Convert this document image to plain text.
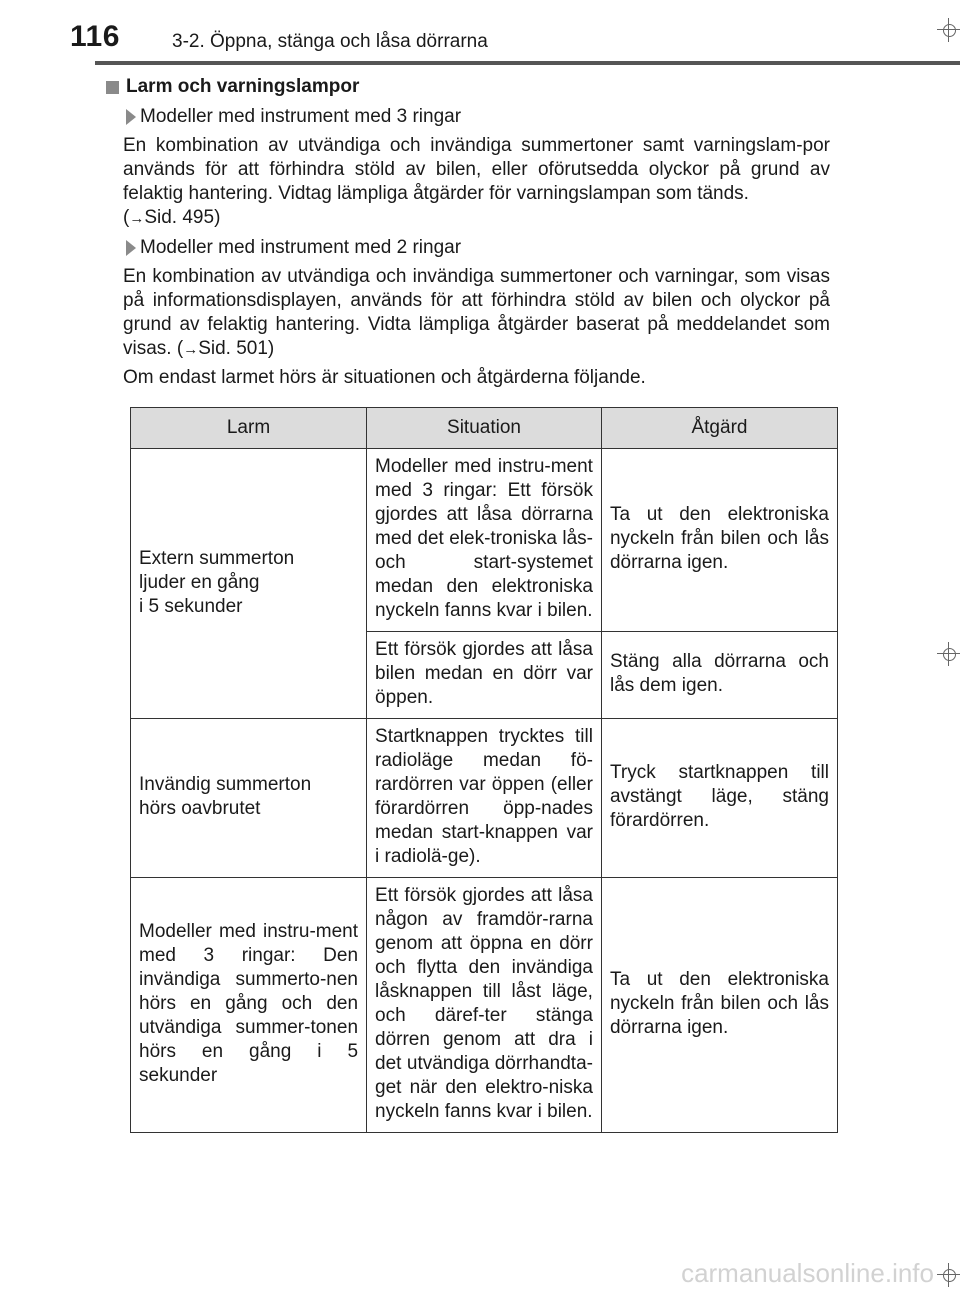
116	3-2. Öppna, stänga och låsa dörrarna
Larm och varningslampor
Modeller med instrument med 3 ringar
En kombination av utvändiga och invändiga summertoner samt varningslam-por används för att förhindra stöld av bilen, eller oförutsedda olyckor på grund av felaktig hantering. Vidtag lämpliga åtgärder för varningslampan som tänds.
(→Sid. 495)
Modeller med instrument med 2 ringar
En kombination av utvändiga och invändiga summertoner och varningar, som visas på informationsdisplayen, används för att förhindra stöld av bilen och olyckor på grund av felaktig hantering. Vidta lämpliga åtgärder baserat på meddelandet som visas. (→Sid. 501)
Om endast larmet hörs är situationen och åtgärderna följande.
Larm	Situation	Åtgärd

Extern summerton
ljuder en gång
i 5 sekunder	Modeller med instru-ment med 3 ringar: Ett försök gjordes att låsa dörrarna med det elek-troniska lås- och start-systemet medan den elektroniska nyckeln fanns kvar i bilen.	Ta ut den elektroniska nyckeln från bilen och lås dörrarna igen.
	Ett försök gjordes att låsa bilen medan en dörr var öppen.	Stäng alla dörrarna och lås dem igen.

Invändig summerton
hörs oavbrutet	Startknappen trycktes till radioläge medan fö-rardörren var öppen (eller förardörren öpp-nades medan start-knappen var i radiolä-ge).	Tryck startknappen till avstängt läge, stäng förardörren.
Modeller med instru-ment med 3 ringar: Den invändiga summerto-nen hörs en gång och den utvändiga summer-tonen hörs en gång i 5 sekunder	Ett försök gjordes att låsa någon av framdör-rarna genom att öppna en dörr och flytta den invändiga låsknappen till låst läge, och däref-ter stänga dörren genom att dra i det utvändiga dörrhandta-get när den elektro-niska nyckeln fanns kvar i bilen.	Ta ut den elektroniska nyckeln från bilen och lås dörrarna igen.
carmanualsonline.info
